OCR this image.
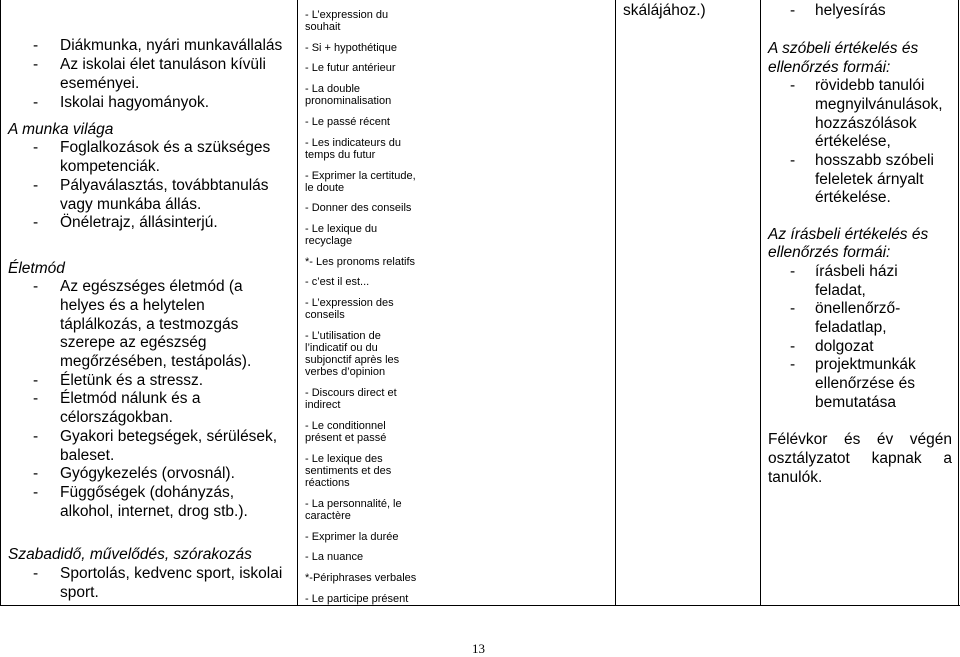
- Diákmunka, nyári munkavállalás
- Az iskolai élet tanuláson kívüli
eseményei.
- Iskolai hagyományok.
A munka világa
- Foglalkozások és a szükséges
kompetenciák.
- Pályaválasztás, továbbtanulás
vagy munkába állás.
- Önéletrajz, állásinterjú.
Életmód
- Az egészséges életmód (a
helyes és a helytelen
táplálkozás, a testmozgás
szerepe az egészség
megőrzésében, testápolás).
- Életünk és a stressz.
- Életmód nálunk és a
célországokban.
- Gyakori betegségek, sérülések,
baleset.
- Gyógykezelés (orvosnál).
- Függőségek (dohányzás,
alkohol, internet, drog stb.).
Szabadidő, művelődés, szórakozás
- Sportolás, kedvenc sport, iskolai
sport.
- L’expression du
souhait
- Si + hypothétique
- Le futur antérieur
- La double
pronominalisation
- Le passé récent
- Les indicateurs du
temps du futur
- Exprimer la certitude,
le doute
- Donner des conseils
- Le lexique du
recyclage
*- Les pronoms relatifs
- c’est il est...
- L’expression des
conseils
- L’utilisation de
l’indicatif ou du
subjonctif après les
verbes d’opinion
- Discours direct et
indirect
- Le conditionnel
présent et passé
- Le lexique des
sentiments et des
réactions
- La personnalité, le
caractère
- Exprimer la durée
- La nuance
*-Périphrases verbales
- Le participe présent
skálájához.)	- helyesírás
A szóbeli értékelés és
ellenőrzés formái:
- rövidebb tanulói
megnyilvánulások,
hozzászólások
értékelése,
- hosszabb szóbeli
feleletek árnyalt
értékelése.
Az írásbeli értékelés és
ellenőrzés formái:
- írásbeli házi
feladat,
- önellenőrző-
feladatlap,
- dolgozat
- projektmunkák
ellenőrzése és
bemutatása
Félévkor és év végén
osztályzatot kapnak a
tanulók.
13
